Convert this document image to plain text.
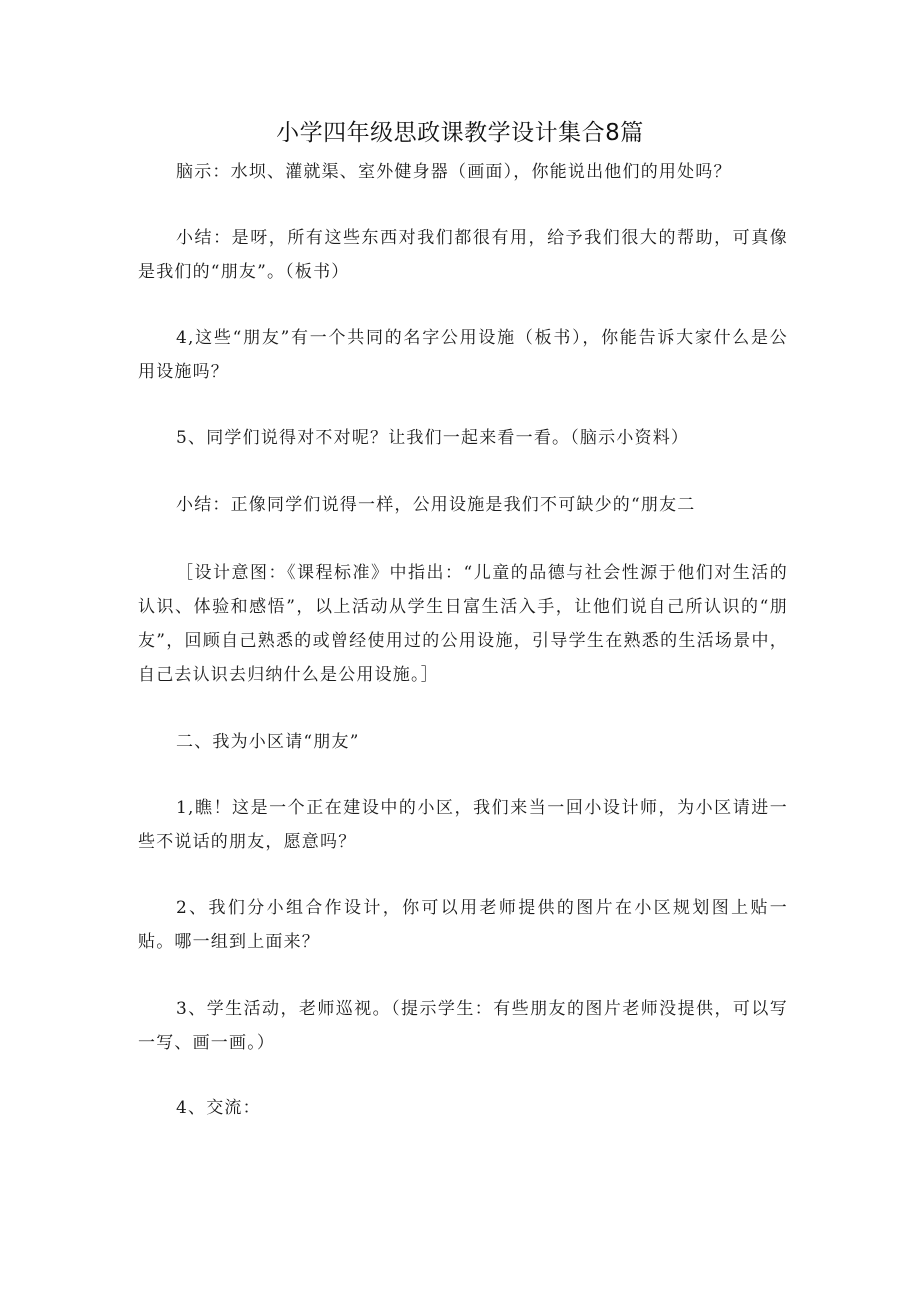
小学四年级思政课教学设计集合8篇

脑示：水坝、灌就渠、室外健身器（画面），你能说出他们的用处吗？

小结：是呀，所有这些东西对我们都很有用，给予我们很大的帮助，可真像是我们的“朋友”。（板书）

4,这些“朋友”有一个共同的名字公用设施（板书），你能告诉大家什么是公用设施吗？

5、同学们说得对不对呢？让我们一起来看一看。（脑示小资料）

小结：正像同学们说得一样，公用设施是我们不可缺少的“朋友二

［设计意图：《课程标准》中指出：“儿童的品德与社会性源于他们对生活的认识、体验和感悟”，以上活动从学生日富生活入手，让他们说自己所认识的“朋友”，回顾自己熟悉的或曾经使用过的公用设施，引导学生在熟悉的生活场景中，自己去认识去归纳什么是公用设施。］

二、我为小区请“朋友”

1,瞧！这是一个正在建设中的小区，我们来当一回小设计师，为小区请进一些不说话的朋友，愿意吗？

2、我们分小组合作设计，你可以用老师提供的图片在小区规划图上贴一贴。哪一组到上面来？

3、学生活动，老师巡视。（提示学生：有些朋友的图片老师没提供，可以写一写、画一画。）

4、交流：
